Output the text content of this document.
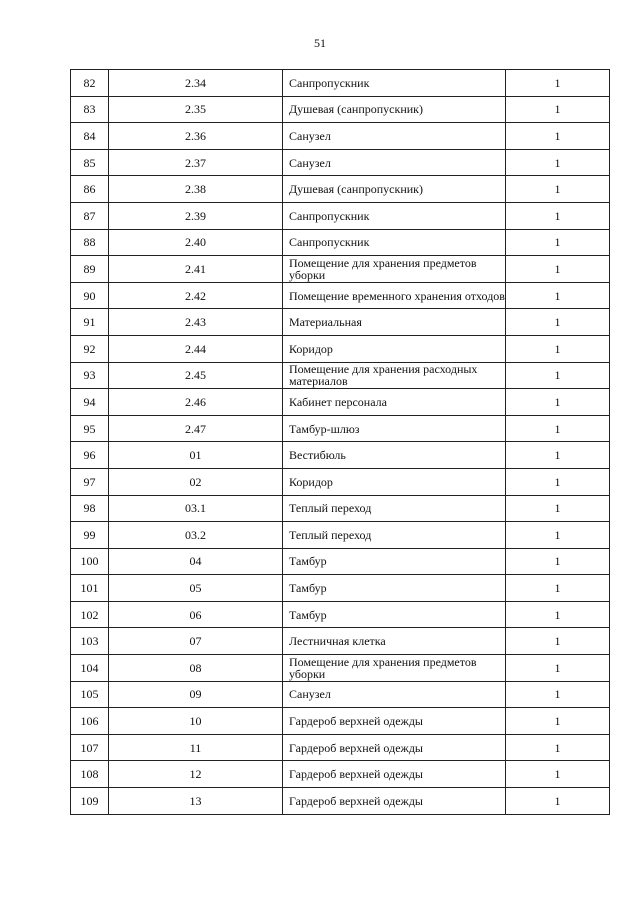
51
82	2.34	Санпропускник	1
83	2.35	Душевая (санпропускник)	1
84	2.36	Санузел	1
85	2.37	Санузел	1
86	2.38	Душевая (санпропускник)	1
87	2.39	Санпропускник	1
88	2.40	Санпропускник	1
89	2.41	Помещение для хранения предметов уборки	1
90	2.42	Помещение временного хранения отходов	1
91	2.43	Материальная	1
92	2.44	Коридор	1
93	2.45	Помещение для хранения расходных материалов	1
94	2.46	Кабинет персонала	1
95	2.47	Тамбур-шлюз	1
96	01	Вестибюль	1
97	02	Коридор	1
98	03.1	Теплый переход	1
99	03.2	Теплый переход	1
100	04	Тамбур	1
101	05	Тамбур	1
102	06	Тамбур	1
103	07	Лестничная клетка	1
104	08	Помещение для хранения предметов уборки	1
105	09	Санузел	1
106	10	Гардероб верхней одежды	1
107	11	Гардероб верхней одежды	1
108	12	Гардероб верхней одежды	1
109	13	Гардероб верхней одежды	1
